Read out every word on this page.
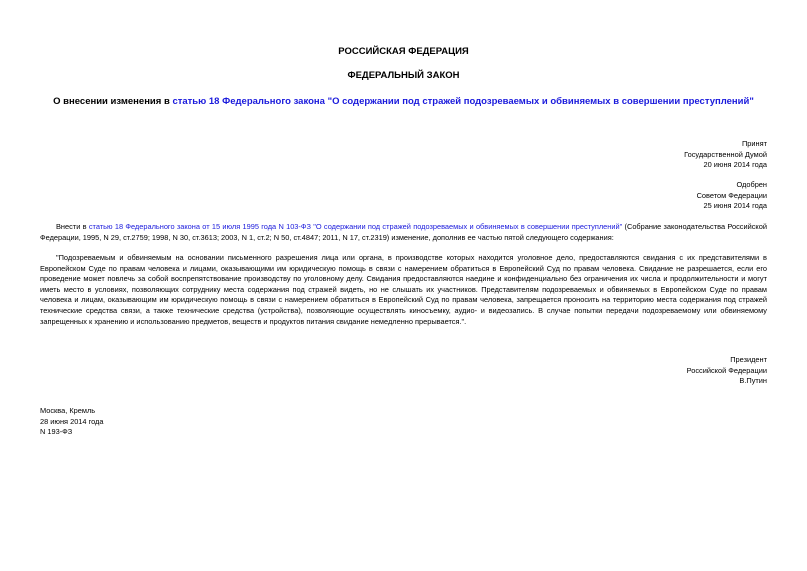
РОССИЙСКАЯ ФЕДЕРАЦИЯ

ФЕДЕРАЛЬНЫЙ ЗАКОН

О внесении изменения в статью 18 Федерального закона "О содержании под стражей подозреваемых и обвиняемых в совершении преступлений"

Принят
Государственной Думой
20 июня 2014 года
Одобрен
Советом Федерации
25 июня 2014 года

Внести в статью 18 Федерального закона от 15 июля 1995 года N 103-ФЗ "О содержании под стражей подозреваемых и обвиняемых в совершении преступлений" (Собрание законодательства Российской Федерации, 1995, N 29, ст.2759; 1998, N 30, ст.3613; 2003, N 1, ст.2; N 50, ст.4847; 2011, N 17, ст.2319) изменение, дополнив ее частью пятой следующего содержания:

"Подозреваемым и обвиняемым на основании письменного разрешения лица или органа, в производстве которых находится уголовное дело, предоставляются свидания с их представителями в Европейском Суде по правам человека и лицами, оказывающими им юридическую помощь в связи с намерением обратиться в Европейский Суд по правам человека. Свидание не разрешается, если его проведение может повлечь за собой воспрепятствование производству по уголовному делу. Свидания предоставляются наедине и конфиденциально без ограничения их числа и продолжительности и могут иметь место в условиях, позволяющих сотруднику места содержания под стражей видеть, но не слышать их участников. Представителям подозреваемых и обвиняемых в Европейском Суде по правам человека и лицам, оказывающим им юридическую помощь в связи с намерением обратиться в Европейский Суд по правам человека, запрещается проносить на территорию места содержания под стражей технические средства связи, а также технические средства (устройства), позволяющие осуществлять киносъемку, аудио- и видеозапись. В случае попытки передачи подозреваемому или обвиняемому запрещенных к хранению и использованию предметов, веществ и продуктов питания свидание немедленно прерывается.".

Президент
Российской Федерации
В.Путин
Москва, Кремль
28 июня 2014 года
N 193-ФЗ
